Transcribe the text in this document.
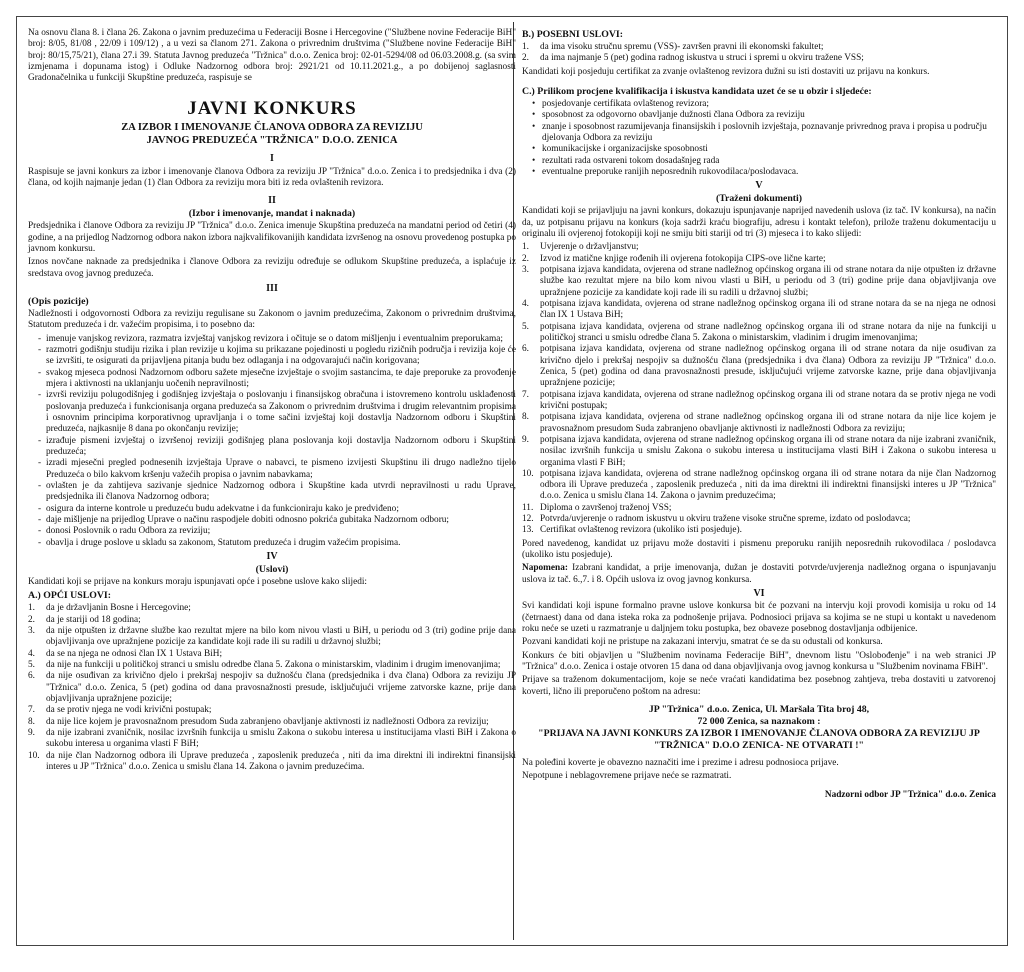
Na osnovu člana 8. i člana 26. Zakona o javnim preduzećima u Federaciji Bosne i Hercegovine ("Službene novine Federacije BiH" broj: 8/05, 81/08 , 22/09 i 109/12) , a u vezi sa članom 271. Zakona o privrednim društvima ("Službene novine Federacije BiH" broj: 80/15,75/21), člana 27.i 39. Statuta Javnog preduzeća "Tržnica" d.o.o. Zenica broj: 02-01-5294/08 od 06.03.2008.g. (sa svim izmjenama i dopunama istog) i Odluke Nadzornog odbora broj: 2921/21 od 10.11.2021.g., a po dobijenoj saglasnosti Gradonačelnika u funkciji Skupštine preduzeća, raspisuje se

JAVNI KONKURS
ZA IZBOR I IMENOVANJE ČLANOVA ODBORA ZA REVIZIJU
JAVNOG PREDUZEĆA "TRŽNICA" D.O.O. ZENICA
I

Raspisuje se javni konkurs za izbor i imenovanje članova Odbora za reviziju JP "Tržnica" d.o.o. Zenica i to predsjednika i dva (2) člana, od kojih najmanje jedan (1) član Odbora za reviziju mora biti iz reda ovlaštenih revizora.

II
(Izbor i imenovanje, mandat i naknada)

Predsjednika i članove Odbora za reviziju JP "Tržnica" d.o.o. Zenica imenuje Skupština preduzeća na mandatni period od četiri (4) godine, a na prijedlog Nadzornog odbora nakon izbora najkvalifikovanijih kandidata izvršenog na osnovu provedenog postupka po javnom konkursu.

Iznos novčane naknade za predsjednika i članove Odbora za reviziju određuje se odlukom Skupštine preduzeća, a isplaćuje iz sredstava ovog javnog preduzeća.

III
(Opis pozicije)

Nadležnosti i odgovornosti Odbora za reviziju regulisane su Zakonom o javnim preduzećima, Zakonom o privrednim društvima, Statutom preduzeća i dr. važećim propisima, i to posebno da:

- imenuje vanjskog revizora, razmatra izvještaj vanjskog revizora i očituje se o datom mišljenju i eventualnim preporukama;
- razmotri godišnju studiju rizika i plan revizije u kojima su prikazane pojedinosti u pogledu rizičnih područja i revizija koje će se izvršiti, te osigurati da prijavljena pitanja budu bez odlaganja i na odgovarajući način korigovana;
- svakog mjeseca podnosi Nadzornom odboru sažete mjesečne izvještaje o svojim sastancima, te daje preporuke za provođenje mjera i aktivnosti na uklanjanju uočenih nepravilnosti;
- izvrši reviziju polugodišnjeg i godišnjeg izvještaja o poslovanju i finansijskog obračuna i istovremeno kontrolu usklađenosti poslovanja preduzeća i funkcionisanja organa preduzeća sa Zakonom o privrednim društvima i drugim relevantnim propisima i osnovnim principima korporativnog upravljanja i o tome sačini izvještaj koji dostavlja Nadzornom odboru i Skupštini preduzeća, najkasnije 8 dana po okončanju revizije;
- izrađuje pismeni izvještaj o izvršenoj reviziji godišnjeg plana poslovanja koji dostavlja Nadzornom odboru i Skupštini preduzeća;
- izradi mjesečni pregled podnesenih izvještaja Uprave o nabavci, te pismeno izvijesti Skupštinu ili drugo nadležno tijelo Preduzeća o bilo kakvom kršenju važećih propisa o javnim nabavkama;
- ovlašten je da zahtijeva sazivanje sjednice Nadzornog odbora i Skupštine kada utvrdi nepravilnosti u radu Uprave, predsjednika ili članova Nadzornog odbora;
- osigura da interne kontrole u preduzeću budu adekvatne i da funkcioniraju kako je predviđeno;
- daje mišljenje na prijedlog Uprave o načinu raspodjele dobiti odnosno pokrića gubitaka Nadzornom odboru;
- donosi Poslovnik o radu Odbora za reviziju;
- obavlja i druge poslove u skladu sa zakonom, Statutom preduzeća i drugim važećim propisima.
IV
(Uslovi)

Kandidati koji se prijave na konkurs moraju ispunjavati opće i posebne uslove kako slijedi:

A.) OPĆI USLOVI:
1.	da je državljanin Bosne i Hercegovine;
2.	da je stariji od 18 godina;
3.	da nije otpušten iz državne službe kao rezultat mjere na bilo kom nivou vlasti u BiH, u periodu od 3 (tri) godine prije dana objavljivanja ove upražnjene pozicije za kandidate koji rade ili su radili u državnoj službi;
4.	da se na njega ne odnosi član IX 1 Ustava BiH;
5.	da nije na funkciji u političkoj stranci u smislu odredbe člana 5. Zakona o ministarskim, vladinim i drugim imenovanjima;
6.	da nije osuđivan za krivično djelo i prekršaj nespojiv sa dužnošću člana (predsjednika i dva člana) Odbora za reviziju JP "Tržnica" d.o.o. Zenica, 5 (pet) godina od dana pravosnažnosti presude, isključujući vrijeme zatvorske kazne, prije dana objavljivanja upražnjene pozicije;
7.	da se protiv njega ne vodi krivični postupak;
8.	da nije lice kojem je pravosnažnom presudom Suda zabranjeno obavljanje aktivnosti iz nadležnosti Odbora za reviziju;
9.	da nije izabrani zvaničnik, nosilac izvršnih funkcija u smislu Zakona o sukobu interesa u institucijama vlasti BiH i Zakona o sukobu interesa u organima vlasti F BiH;
10. da nije član Nadzornog odbora ili Uprave preduzeća , zaposlenik preduzeća , niti da ima direktni ili indirektni finansijski interes u JP "Tržnica" d.o.o. Zenica u smislu člana 14. Zakona o javnim preduzećima.
B.) POSEBNI USLOVI:
1.	da ima visoku stručnu spremu (VSS)- završen pravni ili ekonomski fakultet;
2.	da ima najmanje 5 (pet) godina radnog iskustva u struci i spremi u okviru tražene VSS;

Kandidati koji posjeduju certifikat za zvanje ovlaštenog revizora dužni su isti dostaviti uz prijavu na konkurs.

C.) Prilikom procjene kvalifikacija i iskustva kandidata uzet će se u obzir i sljedeće:
• posjedovanje certifikata ovlaštenog revizora;
• sposobnost za odgovorno obavljanje dužnosti člana Odbora za reviziju
• znanje i sposobnost razumijevanja finansijskih i poslovnih izvještaja, poznavanje privrednog prava i propisa u području djelovanja Odbora za reviziju
• komunikacijske i organizacijske sposobnosti
• rezultati rada ostvareni tokom dosadašnjeg rada
• eventualne preporuke ranijih neposrednih rukovodilaca/poslodavaca.
V
(Traženi dokumenti)

Kandidati koji se prijavljuju na javni konkurs, dokazuju ispunjavanje naprijed navedenih uslova (iz tač. IV konkursa), na način da, uz potpisanu prijavu na konkurs (koja sadrži kraću biografiju, adresu i kontakt telefon), prilože traženu dokumentaciju u originalu ili ovjerenoj fotokopiji koji ne smiju biti stariji od tri (3) mjeseca i to kako slijedi:

1.	Uvjerenje o državljanstvu;
2.	Izvod iz matične knjige rođenih ili ovjerena fotokopija CIPS-ove lične karte;
3.	potpisana izjava kandidata, ovjerena od strane nadležnog općinskog organa ili od strane notara da nije otpušten iz državne službe kao rezultat mjere na bilo kom nivou vlasti u BiH, u periodu od 3 (tri) godine prije dana objavljivanja ove upražnjene pozicije za kandidate koji rade ili su radili u državnoj službi;
4.	potpisana izjava kandidata, ovjerena od strane nadležnog općinskog organa ili od strane notara da se na njega ne odnosi član IX 1 Ustava BiH;
5.	potpisana izjava kandidata, ovjerena od strane nadležnog općinskog organa ili od strane notara da nije na funkciji u političkoj stranci u smislu odredbe člana 5. Zakona o ministarskim, vladinim i drugim imenovanjima;
6.	potpisana izjava kandidata, ovjerena od strane nadležnog općinskog organa ili od strane notara da nije osuđivan za krivično djelo i prekršaj nespojiv sa dužnošću člana (predsjednika i dva člana) Odbora za reviziju JP "Tržnica" d.o.o. Zenica, 5 (pet) godina od dana pravosnažnosti presude, isključujući vrijeme zatvorske kazne, prije dana objavljivanja upražnjene pozicije;
7.	potpisana izjava kandidata, ovjerena od strane nadležnog općinskog organa ili od strane notara da se protiv njega ne vodi krivični postupak;
8.	potpisana izjava kandidata, ovjerena od strane nadležnog općinskog organa ili od strane notara da nije lice kojem je pravosnažnom presudom Suda zabranjeno obavljanje aktivnosti iz nadležnosti Odbora za reviziju;
9.	potpisana izjava kandidata, ovjerena od strane nadležnog općinskog organa ili od strane notara da nije izabrani zvaničnik, nosilac izvršnih funkcija u smislu Zakona o sukobu interesa u institucijama vlasti BiH i Zakona o sukobu interesa u organima vlasti F BiH;
10. potpisana izjava kandidata, ovjerena od strane nadležnog općinskog organa ili od strane notara da nije član Nadzornog odbora ili Uprave preduzeća , zaposlenik preduzeća , niti da ima direktni ili indirektni finansijski interes u JP "Tržnica" d.o.o. Zenica u smislu člana 14. Zakona o javnim preduzećima;
11. Diploma o završenoj traženoj VSS;
12. Potvrda/uvjerenje o radnom iskustvu u okviru tražene visoke stručne spreme, izdato od poslodavca;
13. Certifikat ovlaštenog revizora (ukoliko isti posjeduje).

Pored navedenog, kandidat uz prijavu može dostaviti i pismenu preporuku ranijih neposrednih rukovodilaca / poslodavca (ukoliko istu posjeduje).

Napomena: Izabrani kandidat, a prije imenovanja, dužan je dostaviti potvrde/uvjerenja nadležnog organa o ispunjavanju uslova iz tač. 6.,7. i 8. Općih uslova iz ovog javnog konkursa.

VI

Svi kandidati koji ispune formalno pravne uslove konkursa bit će pozvani na intervju koji provodi komisija u roku od 14 (četrnaest) dana od dana isteka roka za podnošenje prijava. Podnosioci prijava sa kojima se ne stupi u kontakt u navedenom roku neće se uzeti u razmatranje u daljnjem toku postupka, bez obaveze posebnog dostavljanja odbijenice.

Pozvani kandidati koji ne pristupe na zakazani intervju, smatrat će se da su odustali od konkursa.

Konkurs će biti objavljen u "Službenim novinama Federacije BiH", dnevnom listu "Oslobođenje" i na web stranici JP "Tržnica" d.o.o. Zenica i ostaje otvoren 15 dana od dana objavljivanja ovog javnog konkursa u "Službenim novinama FBiH".

Prijave sa traženom dokumentacijom, koje se neće vraćati kandidatima bez posebnog zahtjeva, treba dostaviti u zatvorenoj koverti, lično ili preporučeno poštom na adresu:

JP "Tržnica" d.o.o. Zenica, Ul. Maršala Tita broj 48,
72 000 Zenica, sa naznakom :
"PRIJAVA NA JAVNI KONKURS ZA IZBOR I IMENOVANJE ČLANOVA ODBORA ZA REVIZIJU JP "TRŽNICA" D.O.O ZENICA- NE OTVARATI !"

Na poleđini koverte je obavezno naznačiti ime i prezime i adresu podnosioca prijave.

Nepotpune i neblagovremene prijave neće se razmatrati.

Nadzorni odbor JP "Tržnica" d.o.o. Zenica
